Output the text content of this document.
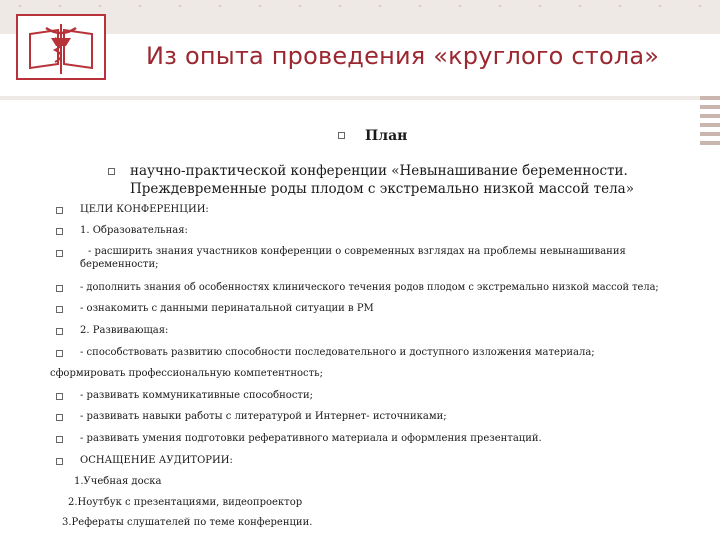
Из опыта проведения «круглого стола»
План
научно-практической конференции «Невынашивание беременности.
Преждевременные роды плодом с экстремально низкой массой тела»
ЦЕЛИ КОНФЕРЕНЦИИ:
1. Образовательная:
- расширить знания участников конференции о современных взглядах на проблемы невынашивания
беременности;
- дополнить знания об особенностях клинического течения родов плодом с экстремально низкой массой тела;
- ознакомить с данными перинатальной ситуации в РМ
2. Развивающая:
- способствовать развитию способности последовательного и доступного изложения материала;
сформировать профессиональную компетентность;
- развивать коммуникативные способности;
- развивать навыки работы с литературой и Интернет- источниками;
- развивать умения подготовки реферативного материала и оформления презентаций.
ОСНАЩЕНИЕ АУДИТОРИИ:
1.Учебная доска
2.Ноутбук с презентациями, видеопроектор
3.Рефераты слушателей по теме конференции.
